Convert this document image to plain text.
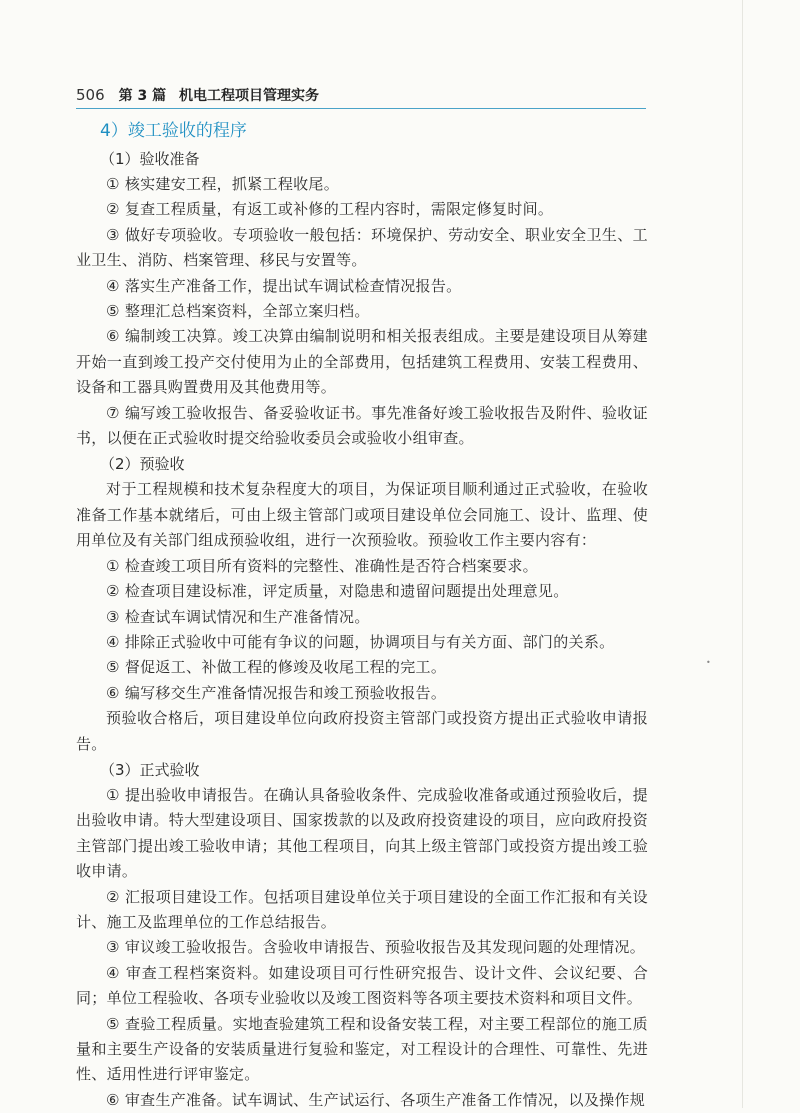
506 第 3 篇 机电工程项目管理实务
4）竣工验收的程序
（1）验收准备

① 核实建安工程，抓紧工程收尾。

② 复查工程质量，有返工或补修的工程内容时，需限定修复时间。

③ 做好专项验收。专项验收一般包括：环境保护、劳动安全、职业安全卫生、工业卫生、消防、档案管理、移民与安置等。

④ 落实生产准备工作，提出试车调试检查情况报告。

⑤ 整理汇总档案资料，全部立案归档。

⑥ 编制竣工决算。竣工决算由编制说明和相关报表组成。主要是建设项目从筹建开始一直到竣工投产交付使用为止的全部费用，包括建筑工程费用、安装工程费用、设备和工器具购置费用及其他费用等。

⑦ 编写竣工验收报告、备妥验收证书。事先准备好竣工验收报告及附件、验收证书，以便在正式验收时提交给验收委员会或验收小组审查。

（2）预验收

对于工程规模和技术复杂程度大的项目，为保证项目顺利通过正式验收，在验收准备工作基本就绪后，可由上级主管部门或项目建设单位会同施工、设计、监理、使用单位及有关部门组成预验收组，进行一次预验收。预验收工作主要内容有：

① 检查竣工项目所有资料的完整性、准确性是否符合档案要求。

② 检查项目建设标准，评定质量，对隐患和遗留问题提出处理意见。

③ 检查试车调试情况和生产准备情况。

④ 排除正式验收中可能有争议的问题，协调项目与有关方面、部门的关系。

⑤ 督促返工、补做工程的修竣及收尾工程的完工。

⑥ 编写移交生产准备情况报告和竣工预验收报告。

预验收合格后，项目建设单位向政府投资主管部门或投资方提出正式验收申请报告。

（3）正式验收

① 提出验收申请报告。在确认具备验收条件、完成验收准备或通过预验收后，提出验收申请。特大型建设项目、国家拨款的以及政府投资建设的项目，应向政府投资主管部门提出竣工验收申请；其他工程项目，向其上级主管部门或投资方提出竣工验收申请。

② 汇报项目建设工作。包括项目建设单位关于项目建设的全面工作汇报和有关设计、施工及监理单位的工作总结报告。

③ 审议竣工验收报告。含验收申请报告、预验收报告及其发现问题的处理情况。

④ 审查工程档案资料。如建设项目可行性研究报告、设计文件、会议纪要、合同；单位工程验收、各项专业验收以及竣工图资料等各项主要技术资料和项目文件。

⑤ 查验工程质量。实地查验建筑工程和设备安装工程，对主要工程部位的施工质量和主要生产设备的安装质量进行复验和鉴定，对工程设计的合理性、可靠性、先进性、适用性进行评审鉴定。

⑥ 审查生产准备。试车调试、生产试运行、各项生产准备工作情况，以及操作规

•
